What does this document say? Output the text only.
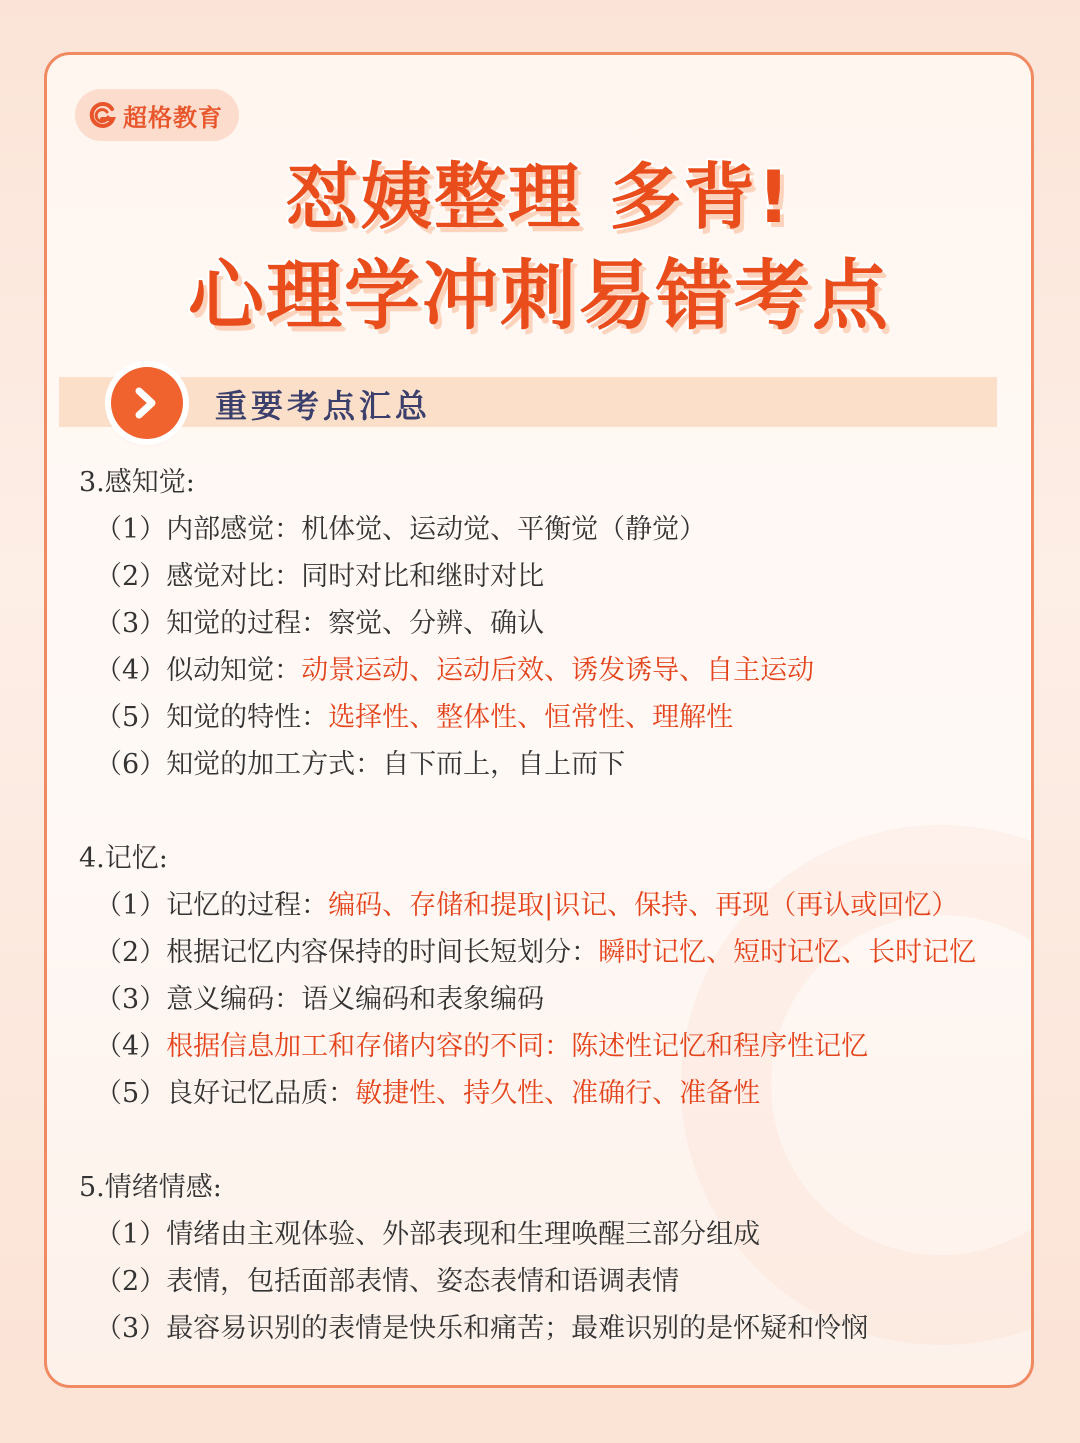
超格教育
怼姨整理 多背!
心理学冲刺易错考点
重要考点汇总
3.感知觉:
（1）内部感觉：机体觉、运动觉、平衡觉（静觉）
（2）感觉对比：同时对比和继时对比
（3）知觉的过程：察觉、分辨、确认
（4）似动知觉：动景运动、运动后效、诱发诱导、自主运动
（5）知觉的特性：选择性、整体性、恒常性、理解性
（6）知觉的加工方式：自下而上，自上而下
4.记忆:
（1）记忆的过程：编码、存储和提取|识记、保持、再现（再认或回忆）
（2）根据记忆内容保持的时间长短划分：瞬时记忆、短时记忆、长时记忆
（3）意义编码：语义编码和表象编码
（4）根据信息加工和存储内容的不同：陈述性记忆和程序性记忆
（5）良好记忆品质：敏捷性、持久性、准确行、准备性
5.情绪情感:
（1）情绪由主观体验、外部表现和生理唤醒三部分组成
（2）表情，包括面部表情、姿态表情和语调表情
（3）最容易识别的表情是快乐和痛苦；最难识别的是怀疑和怜悯
